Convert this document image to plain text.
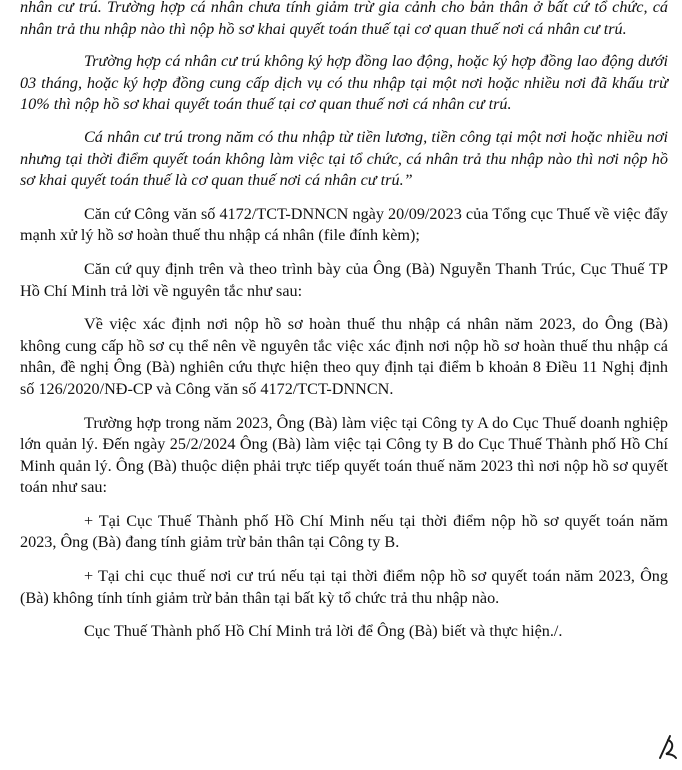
nhân cư trú. Trường hợp cá nhân chưa tính giảm trừ gia cảnh cho bản thân ở bất cứ tổ chức, cá nhân trả thu nhập nào thì nộp hồ sơ khai quyết toán thuế tại cơ quan thuế nơi cá nhân cư trú.

Trường hợp cá nhân cư trú không ký hợp đồng lao động, hoặc ký hợp đồng lao động dưới 03 tháng, hoặc ký hợp đồng cung cấp dịch vụ có thu nhập tại một nơi hoặc nhiều nơi đã khấu trừ 10% thì nộp hồ sơ khai quyết toán thuế tại cơ quan thuế nơi cá nhân cư trú.

Cá nhân cư trú trong năm có thu nhập từ tiền lương, tiền công tại một nơi hoặc nhiều nơi nhưng tại thời điểm quyết toán không làm việc tại tổ chức, cá nhân trả thu nhập nào thì nơi nộp hồ sơ khai quyết toán thuế là cơ quan thuế nơi cá nhân cư trú.”

Căn cứ Công văn số 4172/TCT-DNNCN ngày 20/09/2023 của Tổng cục Thuế về việc đẩy mạnh xử lý hồ sơ hoàn thuế thu nhập cá nhân (file đính kèm);

Căn cứ quy định trên và theo trình bày của Ông (Bà) Nguyễn Thanh Trúc, Cục Thuế TP Hồ Chí Minh trả lời về nguyên tắc như sau:

Về việc xác định nơi nộp hồ sơ hoàn thuế thu nhập cá nhân năm 2023, do Ông (Bà) không cung cấp hồ sơ cụ thể nên về nguyên tắc việc xác định nơi nộp hồ sơ hoàn thuế thu nhập cá nhân, đề nghị Ông (Bà) nghiên cứu thực hiện theo quy định tại điểm b khoản 8 Điều 11 Nghị định số 126/2020/NĐ-CP và Công văn số 4172/TCT-DNNCN.

Trường hợp trong năm 2023, Ông (Bà) làm việc tại Công ty A do Cục Thuế doanh nghiệp lớn quản lý. Đến ngày 25/2/2024 Ông (Bà) làm việc tại Công ty B do Cục Thuế Thành phố Hồ Chí Minh quản lý. Ông (Bà) thuộc diện phải trực tiếp quyết toán thuế năm 2023 thì nơi nộp hồ sơ quyết toán như sau:

+ Tại Cục Thuế Thành phố Hồ Chí Minh nếu tại thời điểm nộp hồ sơ quyết toán năm 2023, Ông (Bà) đang tính giảm trừ bản thân tại Công ty B.

+ Tại chi cục thuế nơi cư trú nếu tại tại thời điểm nộp hồ sơ quyết toán năm 2023, Ông (Bà) không tính tính giảm trừ bản thân tại bất kỳ tổ chức trả thu nhập nào.

Cục Thuế Thành phố Hồ Chí Minh trả lời để Ông (Bà) biết và thực hiện./.
